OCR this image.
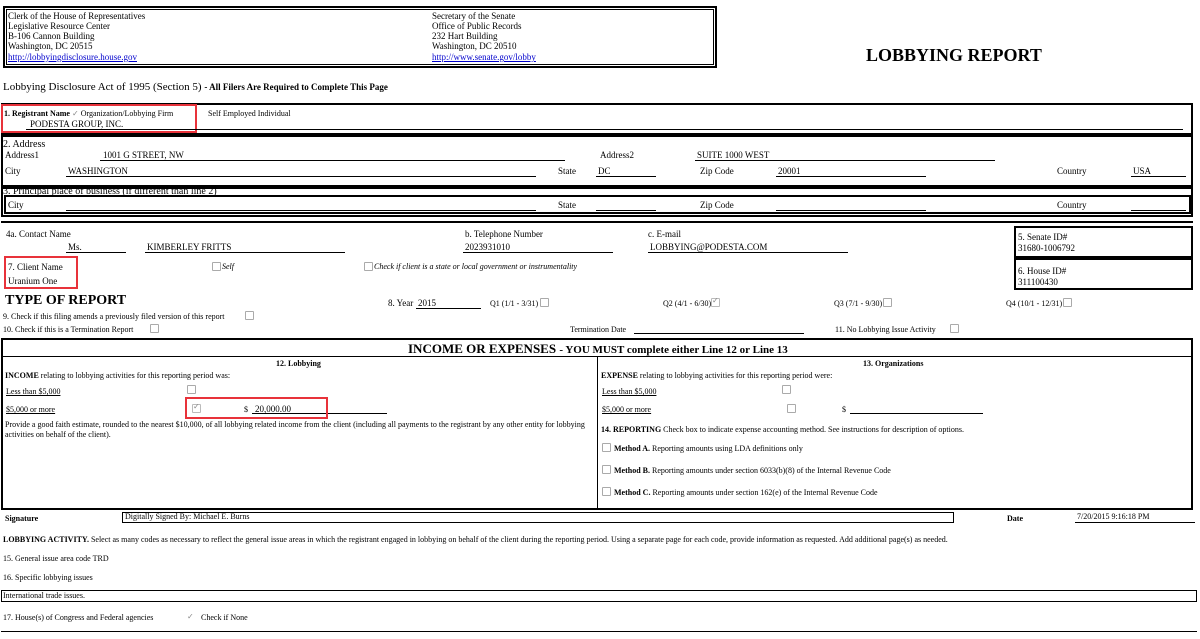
Clerk of the House of Representatives
Legislative Resource Center
B-106 Cannon Building
Washington, DC 20515
http://lobbyingdisclosure.house.gov
Secretary of the Senate
Office of Public Records
232 Hart Building
Washington, DC 20510
http://www.senate.gov/lobby	LOBBYING REPORT
Lobbying Disclosure Act of 1995 (Section 5) - All Filers Are Required to Complete This Page
1. Registrant Name ✓ Organization/Lobbying Firm	Self Employed Individual
PODESTA GROUP, INC.
2. Address
Address1	1001 G STREET, NW	Address2	SUITE 1000 WEST
City	WASHINGTON	State DC	Zip Code	20001	Country	USA
3. Principal place of business (if different than line 2)
City	State	Zip Code	Country
4a. Contact Name
Ms.	KIMBERLEY FRITTS
b. Telephone Number
2023931010
c. E-mail
LOBBYING@PODESTA.COM
5. Senate ID#
31680-1006792
7. Client Name
Uranium One
Self	Check if client is a state or local government or instrumentality	6. House ID#
311100430
TYPE OF REPORT	8. Year 2015	Q1 (1/1 - 3/31)	Q2 (4/1 - 6/30) ✓	Q3 (7/1 - 9/30)	Q4 (10/1 - 12/31)
9. Check if this filing amends a previously filed version of this report
10. Check if this is a Termination Report	Termination Date	11. No Lobbying Issue Activity
INCOME OR EXPENSES - YOU MUST complete either Line 12 or Line 13
12. Lobbying
INCOME relating to lobbying activities for this reporting period was:
Less than $5,000
$5,000 or more ✓	$ 20,000.00
Provide a good faith estimate, rounded to the nearest $10,000, of all lobbying related income from the client (including all payments to the registrant by any other entity for lobbying activities on behalf of the client).
13. Organizations
EXPENSE relating to lobbying activities for this reporting period were:
Less than $5,000
$5,000 or more	$
14. REPORTING Check box to indicate expense accounting method. See instructions for description of options.
Method A. Reporting amounts using LDA definitions only
Method B. Reporting amounts under section 6033(b)(8) of the Internal Revenue Code
Method C. Reporting amounts under section 162(e) of the Internal Revenue Code
Signature	Digitally Signed By: Michael E. Burns	Date	7/20/2015 9:16:18 PM
LOBBYING ACTIVITY. Select as many codes as necessary to reflect the general issue areas in which the registrant engaged in lobbying on behalf of the client during the reporting period. Using a separate page for each code, provide information as requested. Add additional page(s) as needed.
15. General issue area code TRD
16. Specific lobbying issues
International trade issues.
17. House(s) of Congress and Federal agencies	✓ Check if None
